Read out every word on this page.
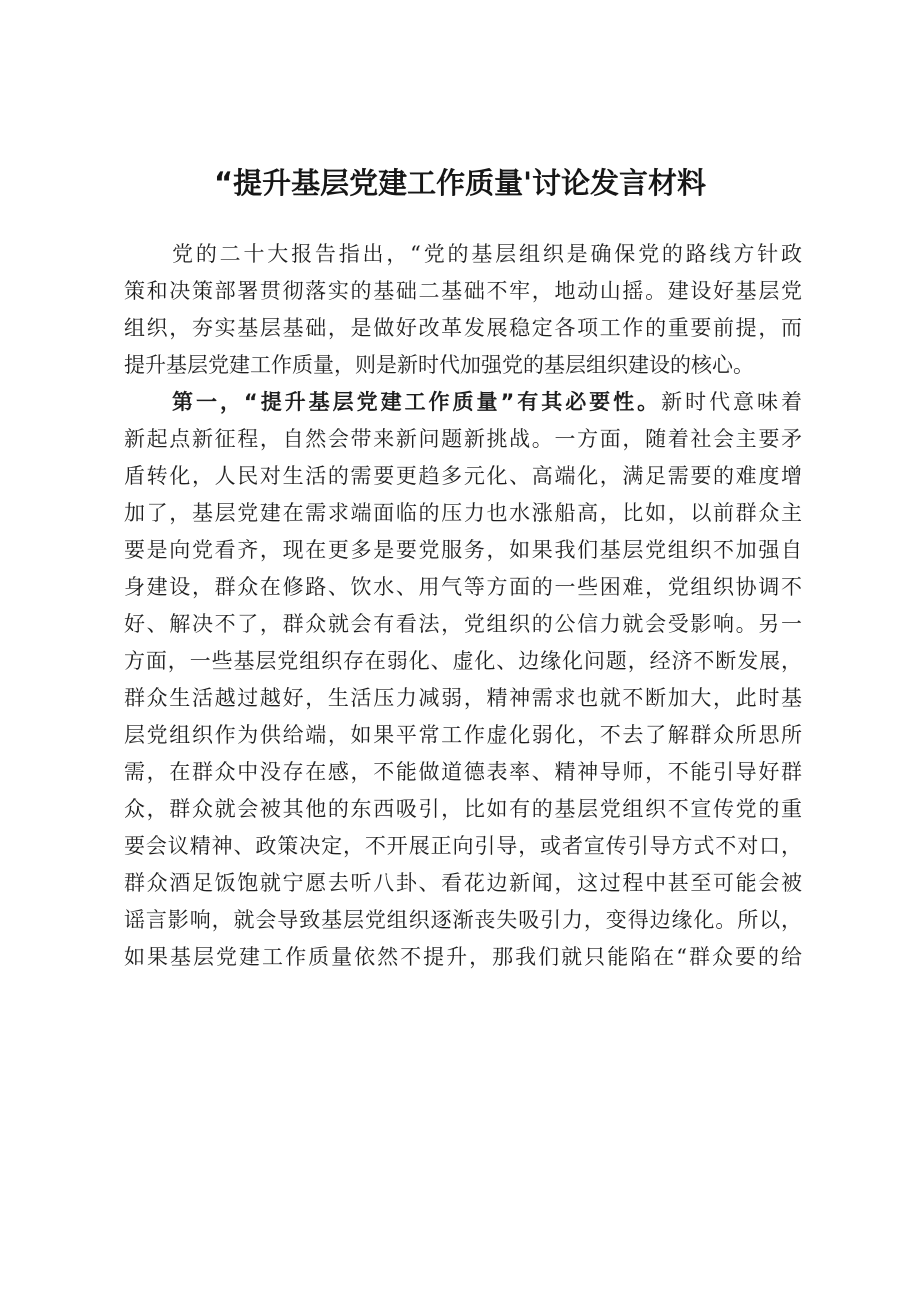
“提升基层党建工作质量'讨论发言材料
党的二十大报告指出，“党的基层组织是确保党的路线方针政
策和决策部署贯彻落实的基础二基础不牢，地动山摇。建设好基层党
组织，夯实基层基础，是做好改革发展稳定各项工作的重要前提，而
提升基层党建工作质量，则是新时代加强党的基层组织建设的核心。
第一，“提升基层党建工作质量”有其必要性。新时代意味着
新起点新征程，自然会带来新问题新挑战。一方面，随着社会主要矛
盾转化，人民对生活的需要更趋多元化、高端化，满足需要的难度增
加了，基层党建在需求端面临的压力也水涨船高，比如，以前群众主
要是向党看齐，现在更多是要党服务，如果我们基层党组织不加强自
身建设，群众在修路、饮水、用气等方面的一些困难，党组织协调不
好、解决不了，群众就会有看法，党组织的公信力就会受影响。另一
方面，一些基层党组织存在弱化、虚化、边缘化问题，经济不断发展，
群众生活越过越好，生活压力减弱，精神需求也就不断加大，此时基
层党组织作为供给端，如果平常工作虚化弱化，不去了解群众所思所
需，在群众中没存在感，不能做道德表率、精神导师，不能引导好群
众，群众就会被其他的东西吸引，比如有的基层党组织不宣传党的重
要会议精神、政策决定，不开展正向引导，或者宣传引导方式不对口，
群众酒足饭饱就宁愿去听八卦、看花边新闻，这过程中甚至可能会被
谣言影响，就会导致基层党组织逐渐丧失吸引力，变得边缘化。所以，
如果基层党建工作质量依然不提升，那我们就只能陷在“群众要的给
